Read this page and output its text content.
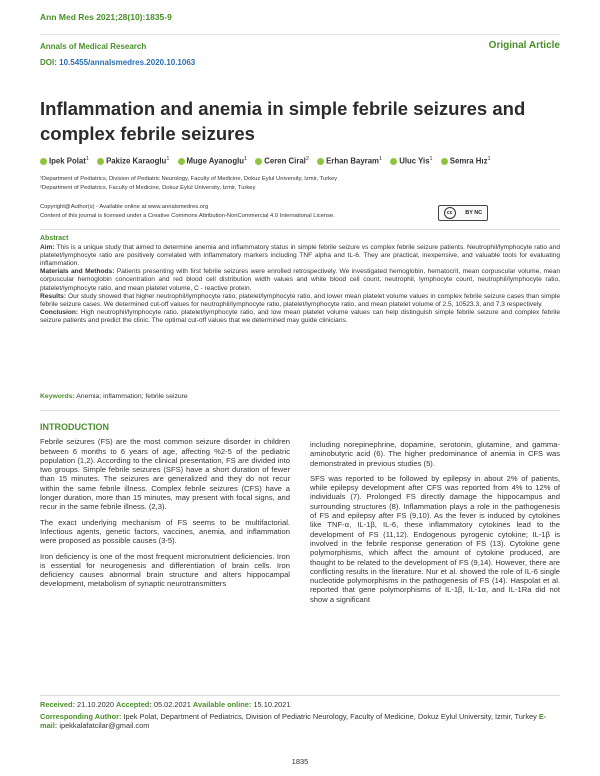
Ann Med Res 2021;28(10):1835-9
Annals of Medical Research
DOI: 10.5455/annalsmedres.2020.10.1063
Original Article
Inflammation and anemia in simple febrile seizures and complex febrile seizures
Ipek Polat$^1$ Pakize Karaoglu$^1$ Muge Ayanoglu$^1$ Ceren Ciral$^2$ Erhan Bayram$^1$ Uluc Yis$^1$ Semra Hız$^1$
¹Department of Pediatrics, Division of Pediatric Neurology, Faculty of Medicine, Dokuz Eylul University, Izmir, Turkey
²Department of Pediatrics, Faculty of Medicine, Dokuz Eylul University, Izmir, Turkey
Copyright@Author(s) - Available online at www.annalsmedres.org
Content of this journal is licensed under a Creative Commons Attribution-NonCommercial 4.0 International License.	cc	BY NC
Abstract

Aim: This is a unique study that aimed to determine anemia and inflammatory status in simple febrile seizure vs complex febrile seizure patients. Neutrophil/lymphocyte ratio and platelet/lymphocyte ratio are positively correlated with inflammatory markers including TNF alpha and IL-6. They are practical, inexpensive, and valuable tools for evaluating inflammation.

Materials and Methods: Patients presenting with first febrile seizures were enrolled retrospectively. We investigated hemoglobin, hematocrit, mean corpuscular volume, mean corpuscular hemoglobin concentration and red blood cell distribution width values and white blood cell count, neutrophil, lymphocyte count, neutrophil/lymphocyte ratio, platelet/lymphocyte ratio, and mean platelet volume, C - reactive protein.

Results: Our study showed that higher neutrophil/lymphocyte ratio, platelet/lymphocyte ratio, and lower mean platelet volume values in complex febrile seizure cases than simple febrile seizure cases. We determined cut-off values for neutrophil/lymphocyte ratio, platelet/lymphocyte ratio, and mean platelet volume of 2.5, 10523.3, and 7.3 respectively.

Conclusion: High neutrophil/lymphocyte ratio, platelet/lymphocyte ratio, and low mean platelet volume values can help distinguish simple febrile seizure and complex febrile seizure patients and predict the clinic. The optimal cut-off values that we determined may guide clinicians.

Keywords: Anemia; inflammation; febrile seizure
INTRODUCTION

Febrile seizures (FS) are the most common seizure disorder in children between 6 months to 6 years of age, affecting %2-5 of the pediatric population (1,2). According to the clinical presentation, FS are divided into two groups. Simple febrile seizures (SFS) have a short duration of fewer than 15 minutes. The seizures are generalized and they do not recur within the same febrile illness. Complex febrile seizures (CFS) have a longer duration, more than 15 minutes, may present with focal signs, and recur in the same febrile illness. (2,3).

The exact underlying mechanism of FS seems to be multifactorial. Infectious agents, genetic factors, vaccines, anemia, and inflammation were proposed as possible causes (3-5).

Iron deficiency is one of the most frequent micronutrient deficiencies. Iron is essential for neurogenesis and differentiation of brain cells. Iron deficiency causes abnormal brain structure and alters hippocampal development, metabolism of synaptic neurotransmitters

including norepinephrine, dopamine, serotonin, glutamine, and gamma-aminobutyric acid (6). The higher predominance of anemia in CFS was demonstrated in previous studies (5).

SFS was reported to be followed by epilepsy in about 2% of patients, while epilepsy development after CFS was reported from 4% to 12% of individuals (7). Prolonged FS directly damage the hippocampus and surrounding structures (8). Inflammation plays a role in the pathogenesis of FS and epilepsy after FS (9,10). As the fever is induced by cytokines like TNF-α, IL-1β, IL-6, these inflammatory cytokines lead to the development of FS (11,12). Endogenous pyrogenic cytokine; IL-1β is involved in the febrile response generation of FS (13). Cytokine gene polymorphisms, which affect the amount of cytokine produced, are thought to be related to the development of FS (9,14). However, there are conflicting results in the literature. Nur et al. showed the role of IL-6 single nucleotide polymorphisms in the pathogenesis of FS (14). Haspolat et al. reported that gene polymorphisms of IL-1β, IL-1α, and IL-1Ra did not show a significant

Received: 21.10.2020 Accepted: 05.02.2021 Available online: 15.10.2021
Corresponding Author: Ipek Polat, Department of Pediatrics, Division of Pediatric Neurology, Faculty of Medicine, Dokuz Eylul University, Izmir, Turkey E-mail: ipekkalafatcilar@gmail.com
1835
